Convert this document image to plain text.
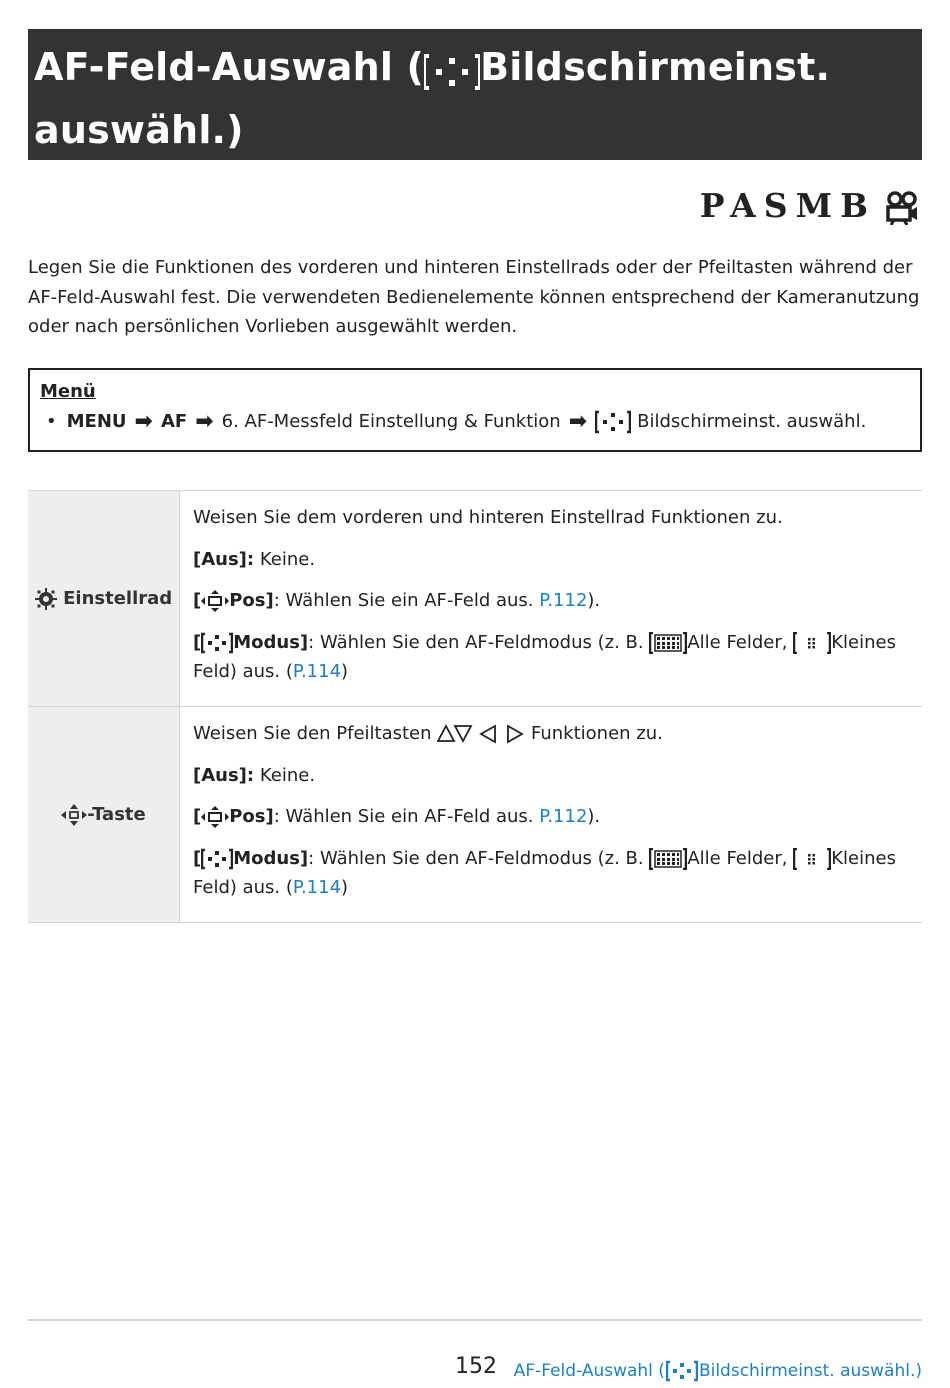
AF-Feld-Auswahl ( Bildschirmeinst.
auswähl.)
PASMB
Legen Sie die Funktionen des vorderen und hinteren Einstellrads oder der Pfeiltasten während der AF-Feld-Auswahl fest. Die verwendeten Bedienelemente können entsprechend der Kameranutzung oder nach persönlichen Vorlieben ausgewählt werden.
Menü
• MENU ➡ AF ➡ 6. AF-Messfeld Einstellung & Funktion ➡	Bildschirmeinst. auswähl.
Einstellrad	Weisen Sie dem vorderen und hinteren Einstellrad Funktionen zu.

[Aus]: Keine.

[ Pos]: Wählen Sie ein AF-Feld aus. P.112).

[ Modus]: Wählen Sie den AF-Feldmodus (z. B. Alle Felder, Kleines Feld) aus. (P.114)

-Taste	Weisen Sie den Pfeiltasten Funktionen zu.

[Aus]: Keine.

[ Pos]: Wählen Sie ein AF-Feld aus. P.112).

[ Modus]: Wählen Sie den AF-Feldmodus (z. B. Alle Felder, Kleines Feld) aus. (P.114)

152 AF-Feld-Auswahl ( Bildschirmeinst. auswähl.)
